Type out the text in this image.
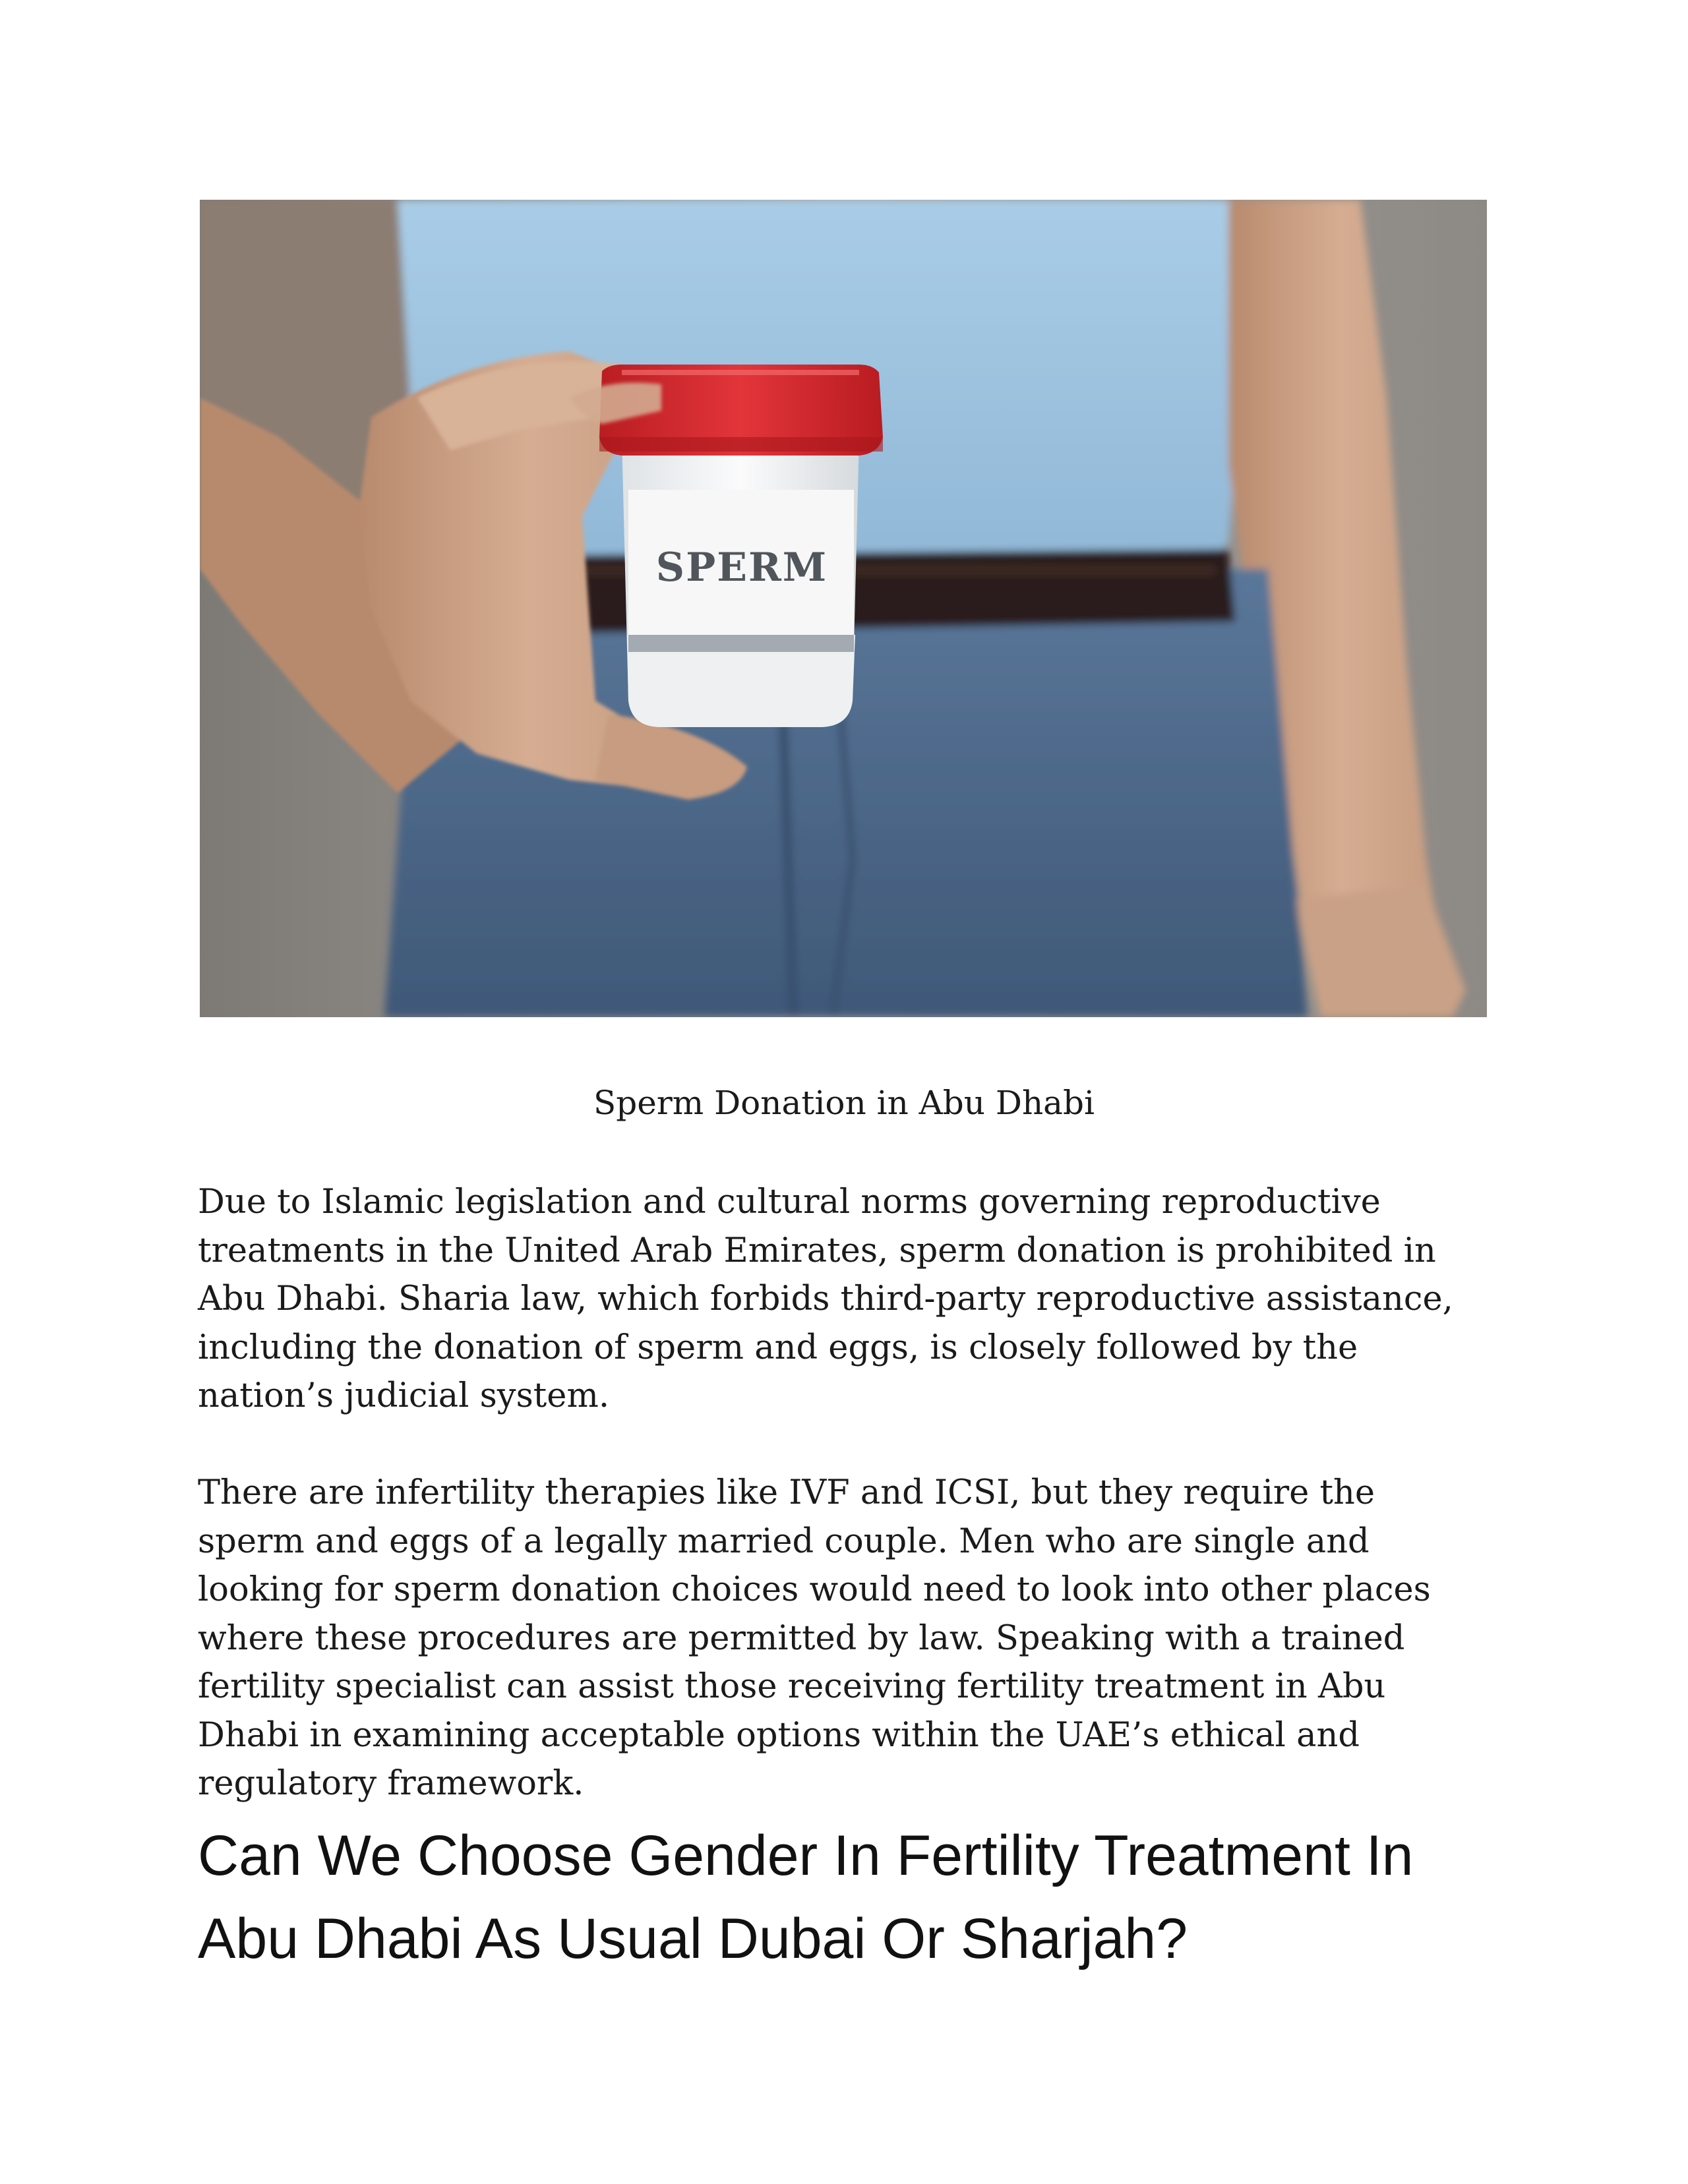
SPERM

Sperm Donation in Abu Dhabi

Due to Islamic legislation and cultural norms governing reproductive treatments in the United Arab Emirates, sperm donation is prohibited in Abu Dhabi. Sharia law, which forbids third-party reproductive assistance, including the donation of sperm and eggs, is closely followed by the nation’s judicial system.

There are infertility therapies like IVF and ICSI, but they require the sperm and eggs of a legally married couple. Men who are single and looking for sperm donation choices would need to look into other places where these procedures are permitted by law. Speaking with a trained fertility specialist can assist those receiving fertility treatment in Abu Dhabi in examining acceptable options within the UAE’s ethical and regulatory framework.

Can We Choose Gender In Fertility Treatment In Abu Dhabi As Usual Dubai Or Sharjah?
